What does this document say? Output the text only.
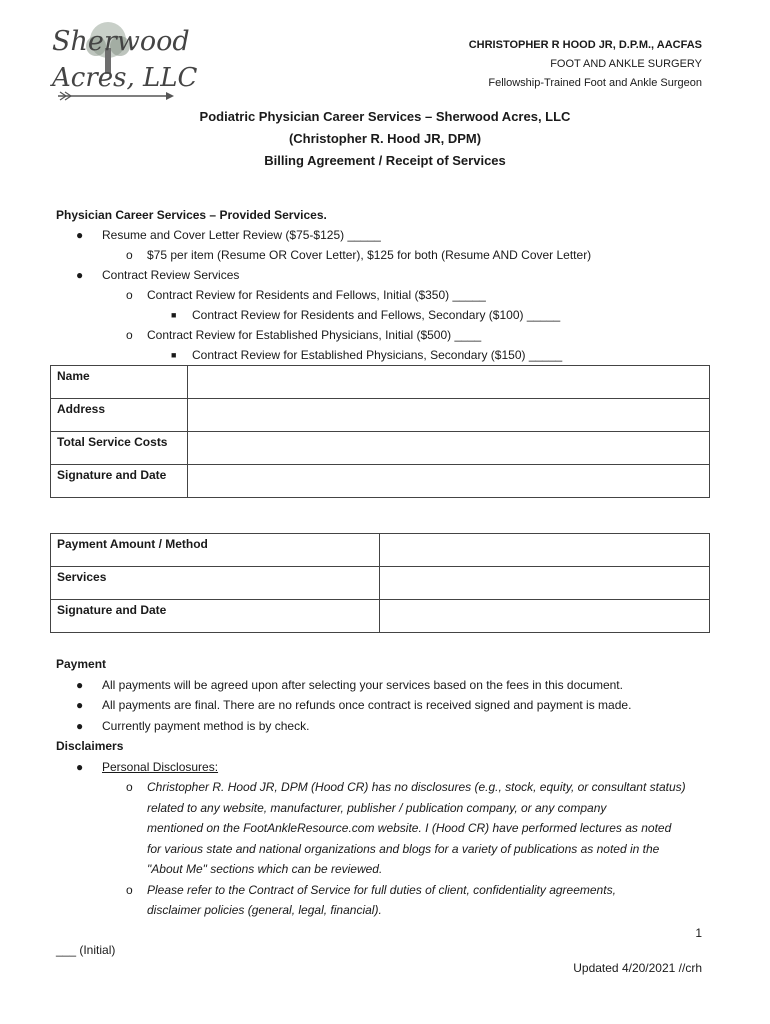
Sherwood
Acres, LLC
CHRISTOPHER R HOOD JR, D.P.M., AACFAS
FOOT AND ANKLE SURGERY
Fellowship-Trained Foot and Ankle Surgeon
Podiatric Physician Career Services – Sherwood Acres, LLC
(Christopher R. Hood JR, DPM)
Billing Agreement / Receipt of Services
Physician Career Services – Provided Services.
● Resume and Cover Letter Review ($75-$125) _____
o $75 per item (Resume OR Cover Letter), $125 for both (Resume AND Cover Letter)
● Contract Review Services
o Contract Review for Residents and Fellows, Initial ($350) _____
■ Contract Review for Residents and Fellows, Secondary ($100) _____
o Contract Review for Established Physicians, Initial ($500) ____
■ Contract Review for Established Physicians, Secondary ($150) _____
Name	
Address	
Total Service Costs	
Signature and Date	
Payment Amount / Method	
Services	
Signature and Date	
Payment
● All payments will be agreed upon after selecting your services based on the fees in this document.
● All payments are final. There are no refunds once contract is received signed and payment is made.
● Currently payment method is by check.
Disclaimers
● Personal Disclosures:
o Christopher R. Hood JR, DPM (Hood CR) has no disclosures (e.g., stock, equity, or consultant status)
related to any website, manufacturer, publisher / publication company, or any company
mentioned on the FootAnkleResource.com website. I (Hood CR) have performed lectures as noted
for various state and national organizations and blogs for a variety of publications as noted in the
"About Me" sections which can be reviewed.
o Please refer to the Contract of Service for full duties of client, confidentiality agreements,
disclaimer policies (general, legal, financial).
1
___ (Initial)
Updated 4/20/2021 //crh
